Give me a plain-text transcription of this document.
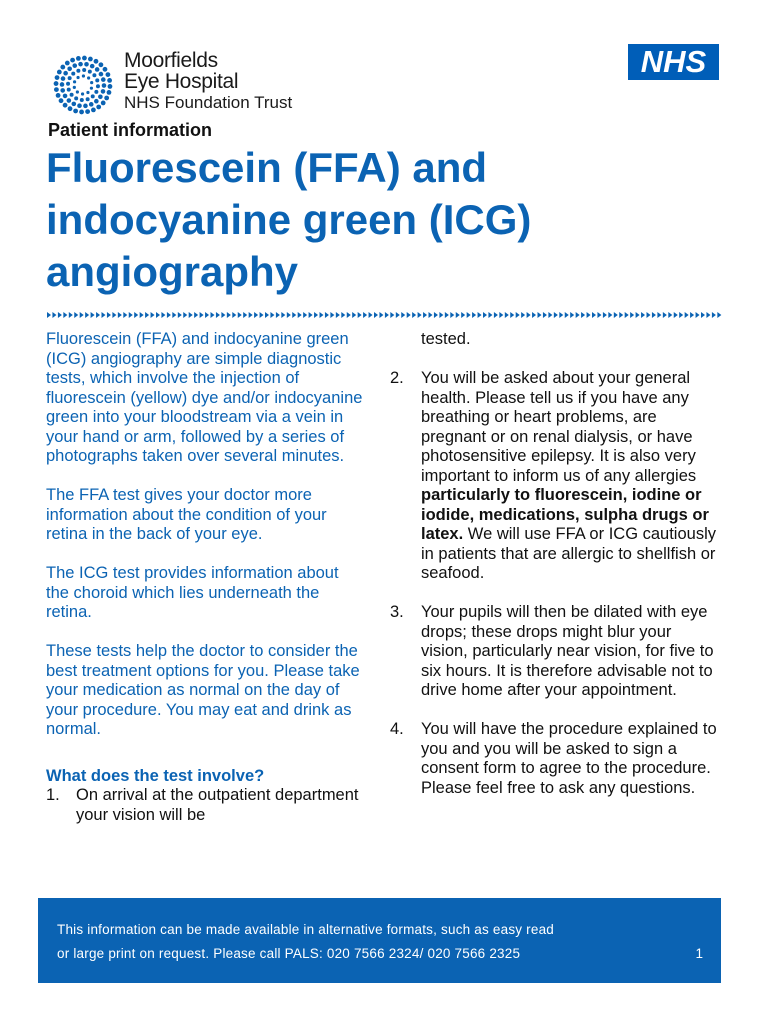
Moorfields
Eye Hospital
NHS Foundation Trust
NHS
Patient information
Fluorescein (FFA) and
indocyanine green (ICG)
angiography

Fluorescein (FFA) and indocyanine green (ICG) angiography are simple diagnostic tests, which involve the injection of fluorescein (yellow) dye and/or indocyanine green into your bloodstream via a vein in your hand or arm, followed by a series of photographs taken over several minutes.

The FFA test gives your doctor more information about the condition of your retina in the back of your eye.

The ICG test provides information about the choroid which lies underneath the retina.

These tests help the doctor to consider the best treatment options for you. Please take your medication as normal on the day of your procedure. You may eat and drink as normal.

What does the test involve?
1. On arrival at the outpatient department your vision will be
tested.
2. You will be asked about your general health. Please tell us if you have any breathing or heart problems, are pregnant or on renal dialysis, or have photosensitive epilepsy. It is also very important to inform us of any allergies particularly to fluorescein, iodine or iodide, medications, sulpha drugs or latex. We will use FFA or ICG cautiously in patients that are allergic to shellfish or seafood.
3. Your pupils will then be dilated with eye drops; these drops might blur your vision, particularly near vision, for five to six hours. It is therefore advisable not to drive home after your appointment.
4. You will have the procedure explained to you and you will be asked to sign a consent form to agree to the procedure. Please feel free to ask any questions.
This information can be made available in alternative formats, such as easy read
or large print on request. Please call PALS: 020 7566 2324/ 020 7566 2325	1
